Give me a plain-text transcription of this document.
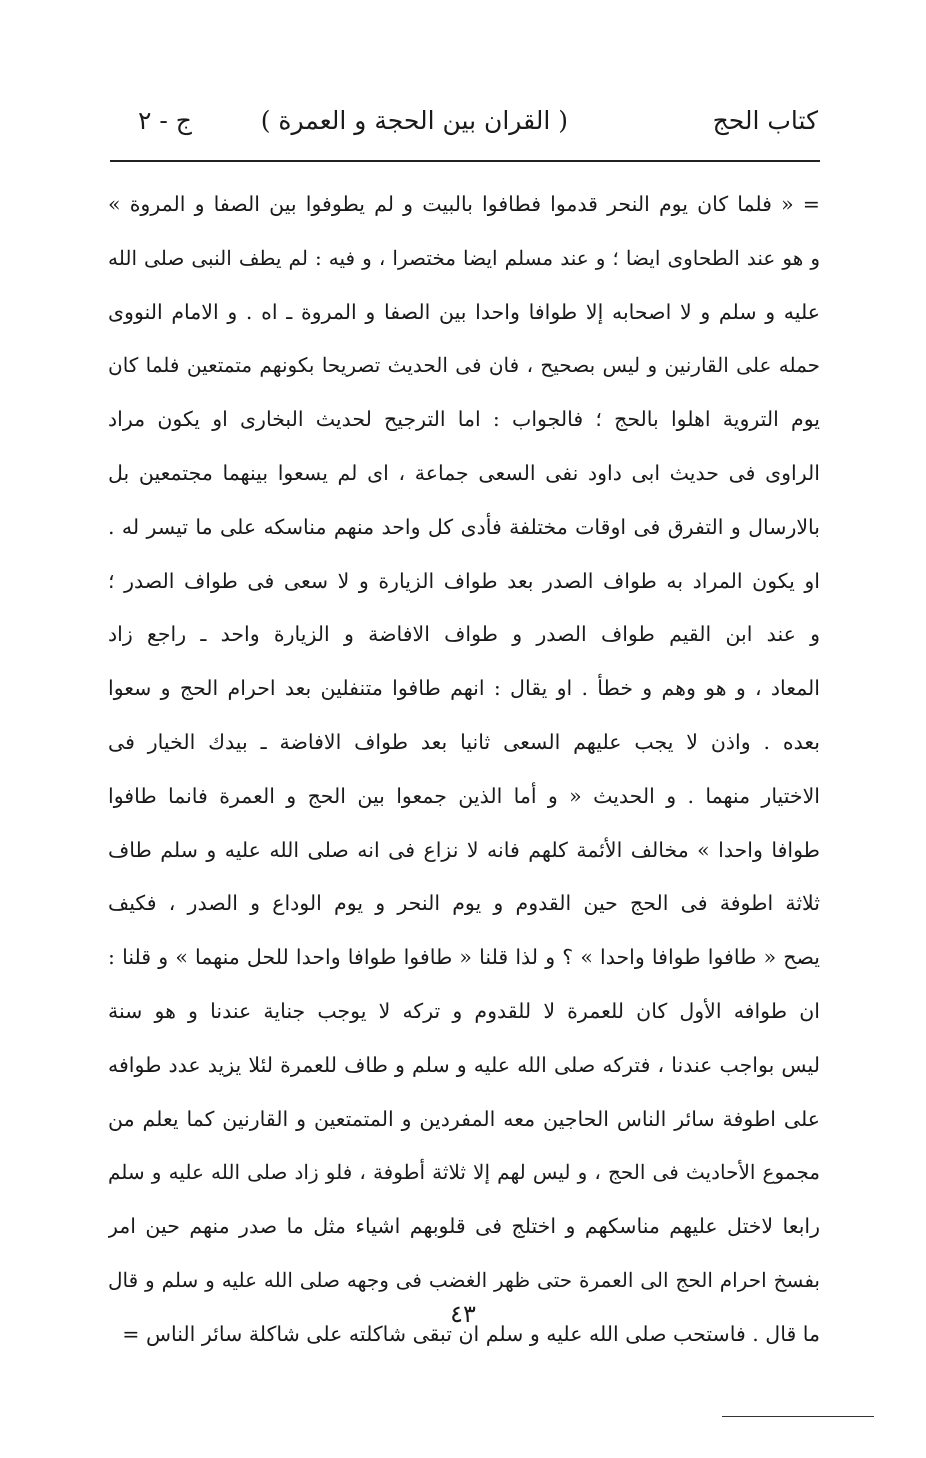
كتاب الحج
( القران بين الحجة و العمرة )
ج - ٢
= « فلما كان يوم النحر قدموا فطافوا بالبيت و لم يطوفوا بين الصفا و المروة »
و هو عند الطحاوى ايضا ؛ و عند مسلم ايضا مختصرا ، و فيه : لم يطف النبى صلى الله
عليه و سلم و لا اصحابه إلا طوافا واحدا بين الصفا و المروة ـ اه . و الامام النووى
حمله على القارنين و ليس بصحيح ، فان فى الحديث تصريحا بكونهم متمتعين فلما كان
يوم التروية اهلوا بالحج ؛ فالجواب : اما الترجيح لحديث البخارى او يكون مراد
الراوى فى حديث ابى داود نفى السعى جماعة ، اى لم يسعوا بينهما مجتمعين بل
بالارسال و التفرق فى اوقات مختلفة فأدى كل واحد منهم مناسكه على ما تيسر له .
او يكون المراد به طواف الصدر بعد طواف الزيارة و لا سعى فى طواف الصدر ؛
و عند ابن القيم طواف الصدر و طواف الافاضة و الزيارة واحد ـ راجع زاد
المعاد ، و هو وهم و خطأ . او يقال : انهم طافوا متنفلين بعد احرام الحج و سعوا
بعده . واذن لا يجب عليهم السعى ثانيا بعد طواف الافاضة ـ بيدك الخيار فى
الاختيار منهما . و الحديث « و أما الذين جمعوا بين الحج و العمرة فانما طافوا
طوافا واحدا » مخالف الأئمة كلهم فانه لا نزاع فى انه صلى الله عليه و سلم طاف
ثلاثة اطوفة فى الحج حين القدوم و يوم النحر و يوم الوداع و الصدر ، فكيف
يصح « طافوا طوافا واحدا » ؟ و لذا قلنا « طافوا طوافا واحدا للحل منهما » و قلنا :
ان طوافه الأول كان للعمرة لا للقدوم و تركه لا يوجب جناية عندنا و هو سنة
ليس بواجب عندنا ، فتركه صلى الله عليه و سلم و طاف للعمرة لئلا يزيد عدد طوافه
على اطوفة سائر الناس الحاجين معه المفردين و المتمتعين و القارنين كما يعلم من
مجموع الأحاديث فى الحج ، و ليس لهم إلا ثلاثة أطوفة ، فلو زاد صلى الله عليه و سلم
رابعا لاختل عليهم مناسكهم و اختلج فى قلوبهم اشياء مثل ما صدر منهم حين امر
بفسخ احرام الحج الى العمرة حتى ظهر الغضب فى وجهه صلى الله عليه و سلم و قال
ما قال . فاستحب صلى الله عليه و سلم ان تبقى شاكلته على شاكلة سائر الناس =
٤٣
